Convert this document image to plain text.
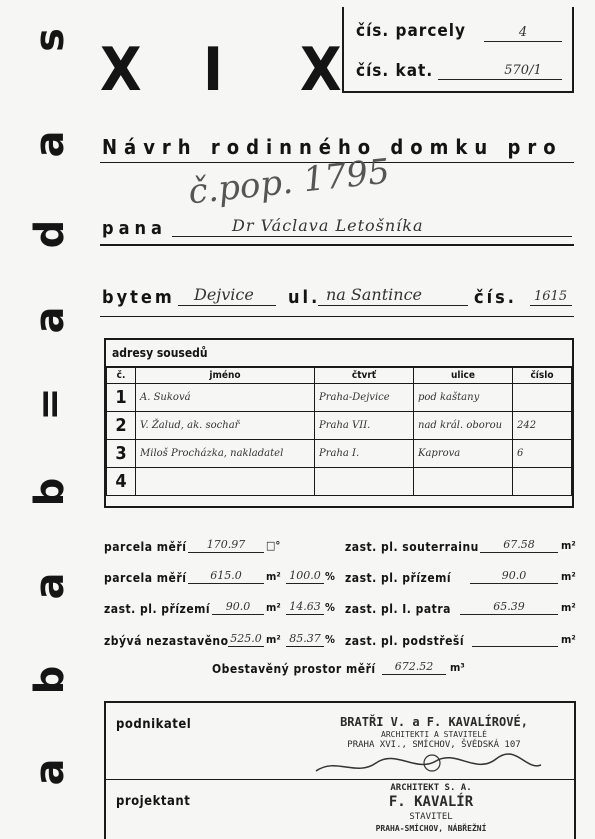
s
a
d
a
=
b
a
b
a
X I X
čís. parcely	4
čís. kat.	570/1
Návrh rodinného domku pro
č.pop. 1795
pana	Dr Václava Letošníka
bytem Dejvice ul. na Santince	čís. 1615
adresy sousedů
č.	jméno	čtvrť	ulice	číslo
1	A. Suková	Praha-Dejvice	pod kaštany	
2	V. Žalud, ak. sochař	Praha VII.	nad král. oborou	242
3	Miloš Procházka, nakladatel	Praha I.	Kaprova	6
4				
parcela měří	170.97	□°
parcela měří	615.0	m² 100.0 %
zast. pl. přízemí	90.0	m² 14.63 %
zbývá nezastavěno 525.0 m² 85.37 %
zast. pl. souterrainu	67.58	m²
zast. pl. přízemí	90.0	m²
zast. pl. I. patra	65.39	m²
zast. pl. podstřeší	m²
Obestavěný prostor měří	672.52	m³
podnikatel	BRATŘI V. a F. KAVALÍROVÉ,
ARCHITEKTI A STAVITELÉ
PRAHA XVI., SMÍCHOV, ŠVÉDSKÁ 107
projektant
ARCHITEKT S. A.
F. KAVALÍR
STAVITEL
PRAHA-SMÍCHOV, NÁBŘEŽNÍ
